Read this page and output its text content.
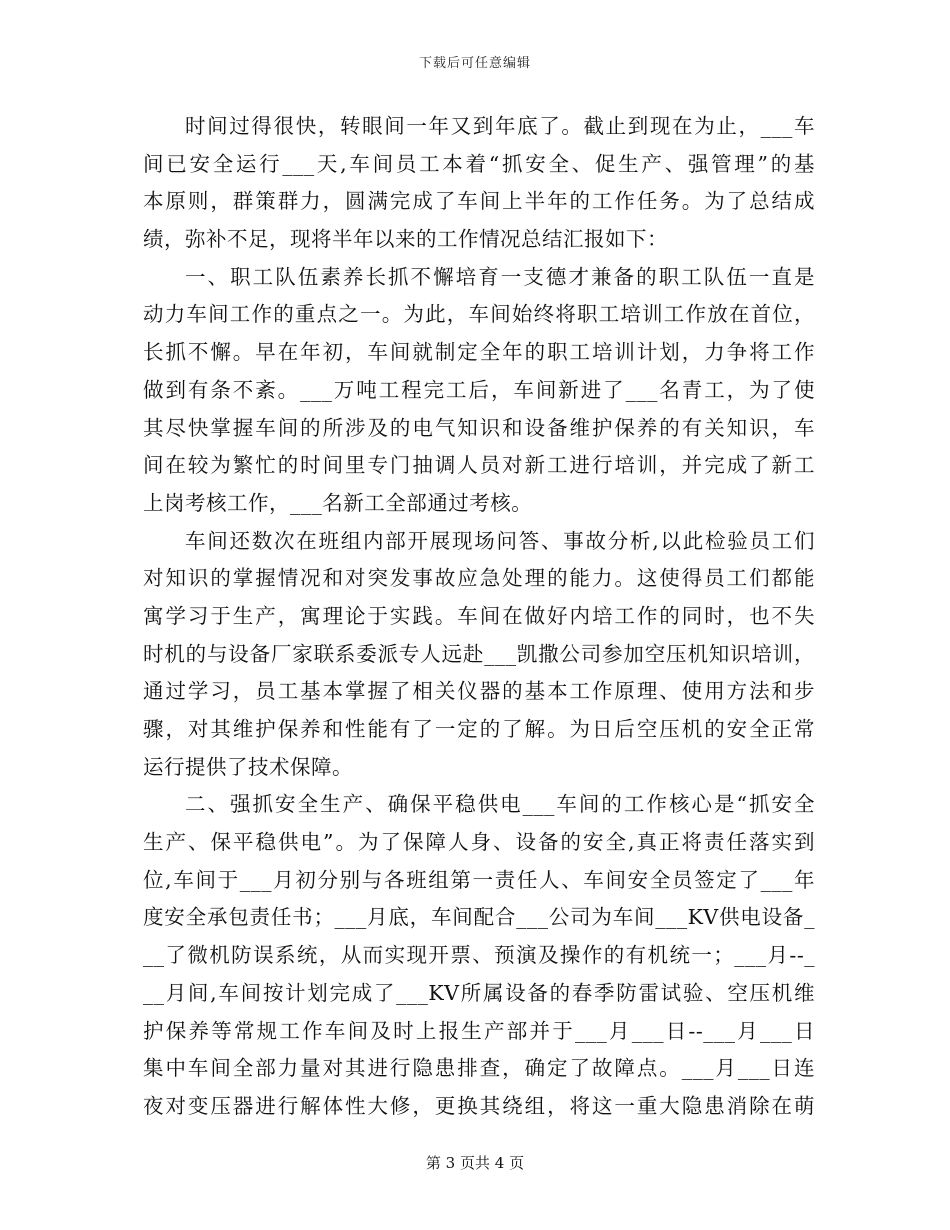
下载后可任意编辑
时间过得很快，转眼间一年又到年底了。截止到现在为止，___车
间已安全运行___天,车间员工本着“抓安全、促生产、强管理”的基
本原则，群策群力，圆满完成了车间上半年的工作任务。为了总结成
绩，弥补不足，现将半年以来的工作情况总结汇报如下：
一、职工队伍素养长抓不懈培育一支德才兼备的职工队伍一直是
动力车间工作的重点之一。为此，车间始终将职工培训工作放在首位，
长抓不懈。早在年初，车间就制定全年的职工培训计划，力争将工作
做到有条不紊。___万吨工程完工后，车间新进了___名青工，为了使
其尽快掌握车间的所涉及的电气知识和设备维护保养的有关知识，车
间在较为繁忙的时间里专门抽调人员对新工进行培训，并完成了新工
上岗考核工作，___名新工全部通过考核。
车间还数次在班组内部开展现场问答、事故分析,以此检验员工们
对知识的掌握情况和对突发事故应急处理的能力。这使得员工们都能
寓学习于生产，寓理论于实践。车间在做好内培工作的同时，也不失
时机的与设备厂家联系委派专人远赴___凯撒公司参加空压机知识培训，
通过学习，员工基本掌握了相关仪器的基本工作原理、使用方法和步
骤，对其维护保养和性能有了一定的了解。为日后空压机的安全正常
运行提供了技术保障。
二、强抓安全生产、确保平稳供电___车间的工作核心是“抓安全
生产、保平稳供电”。为了保障人身、设备的安全,真正将责任落实到
位,车间于___月初分别与各班组第一责任人、车间安全员签定了___年
度安全承包责任书；___月底，车间配合___公司为车间___KV供电设备_
__了微机防误系统，从而实现开票、预演及操作的有机统一；___月--_
__月间,车间按计划完成了___KV所属设备的春季防雷试验、空压机维
护保养等常规工作车间及时上报生产部并于___月___日--___月___日
集中车间全部力量对其进行隐患排查，确定了故障点。___月___日连
夜对变压器进行解体性大修，更换其绕组，将这一重大隐患消除在萌
第 3 页共 4 页
